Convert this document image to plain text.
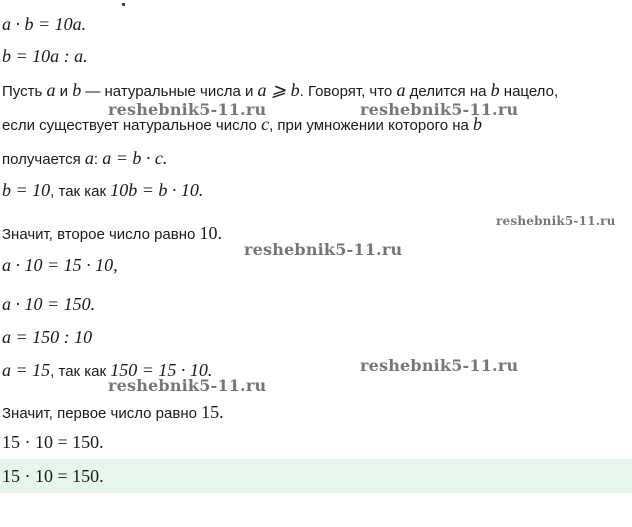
a · b = 10a.
b = 10a : a.
Пусть a и b — натуральные числа и a ⩾ b. Говорят, что a делится на b нацело,
если существует натуральное число c, при умножении которого на b
получается a: a = b · c.
b = 10, так как 10b = b · 10.
Значит, второе число равно 10.
a · 10 = 15 · 10,
a · 10 = 150.
a = 150 : 10
a = 15, так как 150 = 15 · 10.
Значит, первое число равно 15.
15 · 10 = 150.
15 · 10 = 150.
reshebnik5-11.ru	reshebnik5-11.ru
reshebnik5-11.ru
reshebnik5-11.ru
reshebnik5-11.ru
reshebnik5-11.ru
